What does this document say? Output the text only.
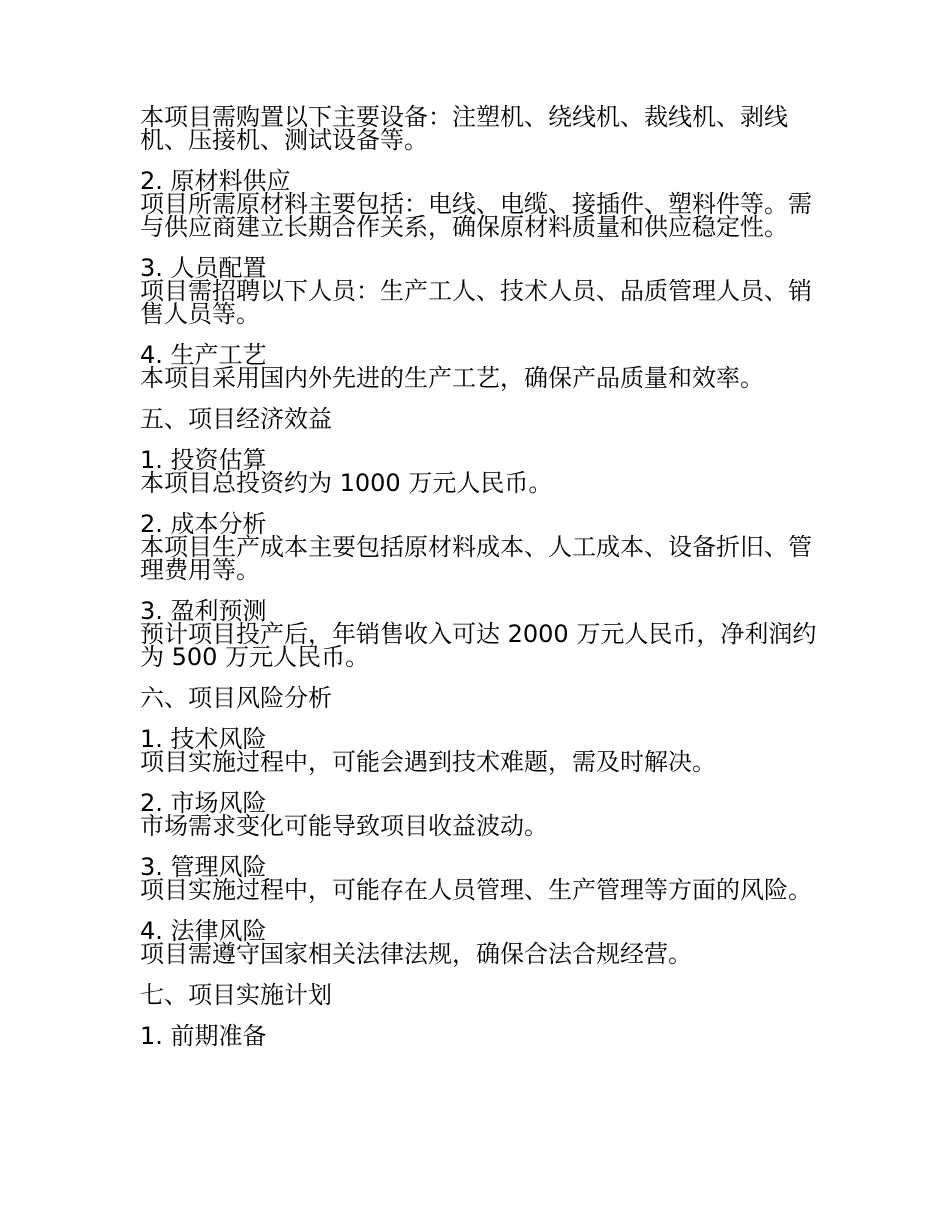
本项目需购置以下主要设备：注塑机、绕线机、裁线机、剥线机、压接机、测试设备等。

2. 原材料供应

项目所需原材料主要包括：电线、电缆、接插件、塑料件等。需与供应商建立长期合作关系，确保原材料质量和供应稳定性。

3. 人员配置

项目需招聘以下人员：生产工人、技术人员、品质管理人员、销售人员等。

4. 生产工艺

本项目采用国内外先进的生产工艺，确保产品质量和效率。

五、项目经济效益

1. 投资估算

本项目总投资约为 1000 万元人民币。

2. 成本分析

本项目生产成本主要包括原材料成本、人工成本、设备折旧、管理费用等。

3. 盈利预测

预计项目投产后，年销售收入可达 2000 万元人民币，净利润约为 500 万元人民币。

六、项目风险分析

1. 技术风险

项目实施过程中，可能会遇到技术难题，需及时解决。

2. 市场风险

市场需求变化可能导致项目收益波动。

3. 管理风险

项目实施过程中，可能存在人员管理、生产管理等方面的风险。

4. 法律风险

项目需遵守国家相关法律法规，确保合法合规经营。

七、项目实施计划

1. 前期准备
